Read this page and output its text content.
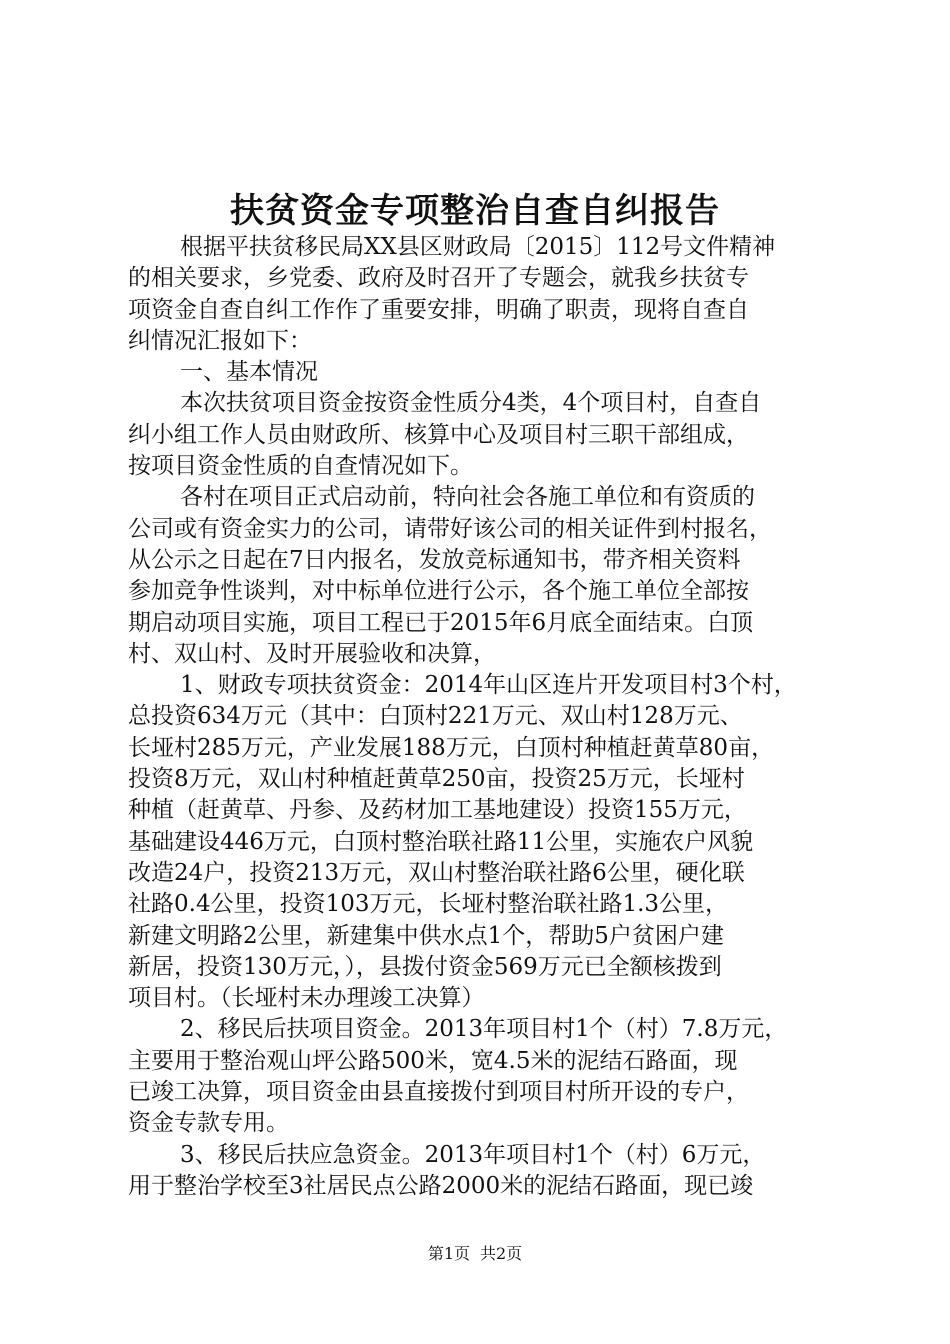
扶贫资金专项整治自查自纠报告
根据平扶贫移民局XX县区财政局〔2015〕112号文件精神
的相关要求，乡党委、政府及时召开了专题会，就我乡扶贫专
项资金自查自纠工作作了重要安排，明确了职责，现将自查自
纠情况汇报如下：
一、基本情况
本次扶贫项目资金按资金性质分4类，4个项目村，自查自
纠小组工作人员由财政所、核算中心及项目村三职干部组成，
按项目资金性质的自查情况如下。
各村在项目正式启动前，特向社会各施工单位和有资质的
公司或有资金实力的公司，请带好该公司的相关证件到村报名，
从公示之日起在7日内报名，发放竞标通知书，带齐相关资料
参加竞争性谈判，对中标单位进行公示，各个施工单位全部按
期启动项目实施，项目工程已于2015年6月底全面结束。白顶
村、双山村、及时开展验收和决算，
1、财政专项扶贫资金：2014年山区连片开发项目村3个村，
总投资634万元（其中：白顶村221万元、双山村128万元、
长垭村285万元，产业发展188万元，白顶村种植赶黄草80亩，
投资8万元，双山村种植赶黄草250亩，投资25万元，长垭村
种植（赶黄草、丹参、及药材加工基地建设）投资155万元，
基础建设446万元，白顶村整治联社路11公里，实施农户风貌
改造24户，投资213万元，双山村整治联社路6公里，硬化联
社路0.4公里，投资103万元，长垭村整治联社路1.3公里，
新建文明路2公里，新建集中供水点1个，帮助5户贫困户建
新居，投资130万元，），县拨付资金569万元已全额核拨到
项目村。（长垭村未办理竣工决算）
2、移民后扶项目资金。2013年项目村1个（村）7.8万元，
主要用于整治观山坪公路500米，宽4.5米的泥结石路面，现
已竣工决算，项目资金由县直接拨付到项目村所开设的专户，
资金专款专用。
3、移民后扶应急资金。2013年项目村1个（村）6万元，
用于整治学校至3社居民点公路2000米的泥结石路面，现已竣
第1页 共2页
